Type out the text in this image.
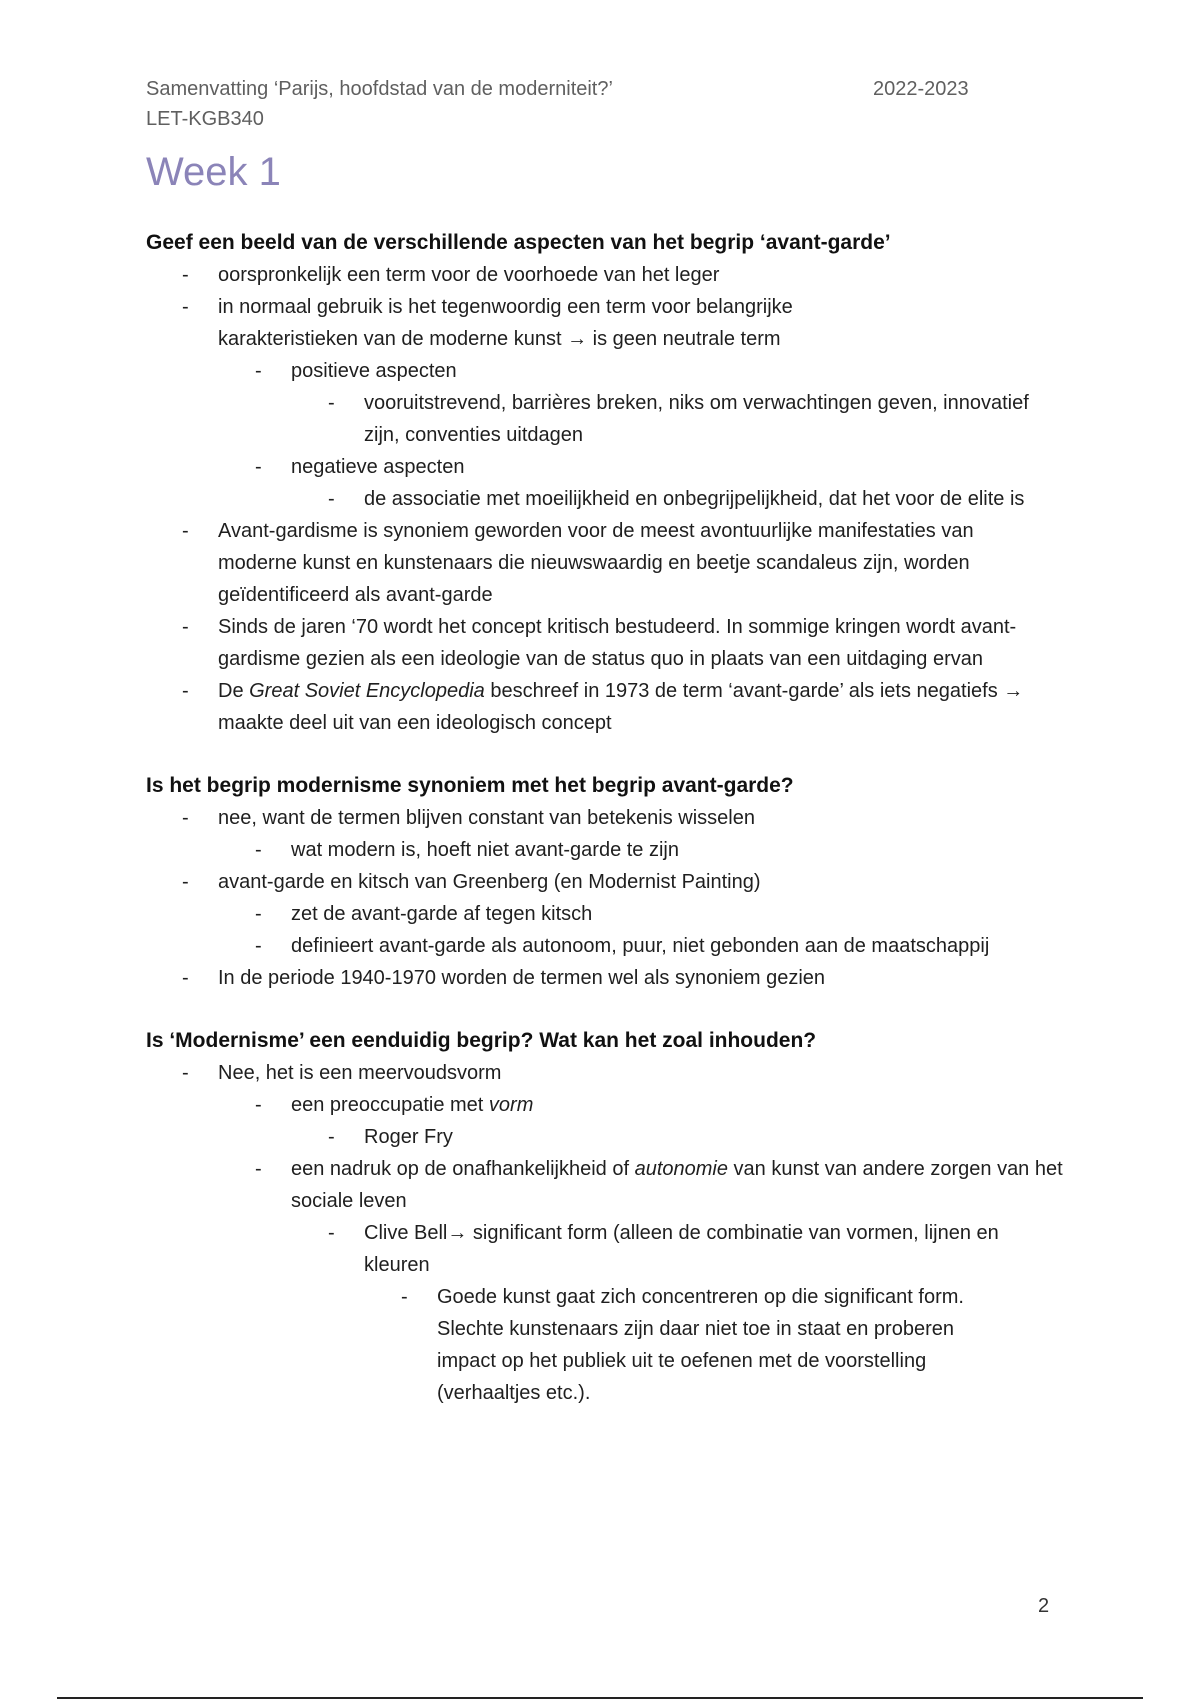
Samenvatting ‘Parijs, hoofdstad van de moderniteit?’
LET-KGB340
2022-2023
Week 1

Geef een beeld van de verschillende aspecten van het begrip ‘avant-garde’

- oorspronkelijk een term voor de voorhoede van het leger
- in normaal gebruik is het tegenwoordig een term voor belangrijke karakteristieken van de moderne kunst → is geen neutrale term
- positieve aspecten
- vooruitstrevend, barrières breken, niks om verwachtingen geven, innovatief zijn, conventies uitdagen
- negatieve aspecten
- de associatie met moeilijkheid en onbegrijpelijkheid, dat het voor de elite is
- Avant-gardisme is synoniem geworden voor de meest avontuurlijke manifestaties van moderne kunst en kunstenaars die nieuwswaardig en beetje scandaleus zijn, worden geïdentificeerd als avant-garde
- Sinds de jaren ‘70 wordt het concept kritisch bestudeerd. In sommige kringen wordt avant-gardisme gezien als een ideologie van de status quo in plaats van een uitdaging ervan
- De Great Soviet Encyclopedia beschreef in 1973 de term ‘avant-garde’ als iets negatiefs → maakte deel uit van een ideologisch concept

Is het begrip modernisme synoniem met het begrip avant-garde?

- nee, want de termen blijven constant van betekenis wisselen
- wat modern is, hoeft niet avant-garde te zijn
- avant-garde en kitsch van Greenberg (en Modernist Painting)
- zet de avant-garde af tegen kitsch
- definieert avant-garde als autonoom, puur, niet gebonden aan de maatschappij
- In de periode 1940-1970 worden de termen wel als synoniem gezien

Is ‘Modernisme’ een eenduidig begrip? Wat kan het zoal inhouden?

- Nee, het is een meervoudsvorm
- een preoccupatie met vorm
- Roger Fry
- een nadruk op de onafhankelijkheid of autonomie van kunst van andere zorgen van het sociale leven
- Clive Bell→ significant form (alleen de combinatie van vormen, lijnen en kleuren
- Goede kunst gaat zich concentreren op die significant form. Slechte kunstenaars zijn daar niet toe in staat en proberen impact op het publiek uit te oefenen met de voorstelling (verhaaltjes etc.).
2
